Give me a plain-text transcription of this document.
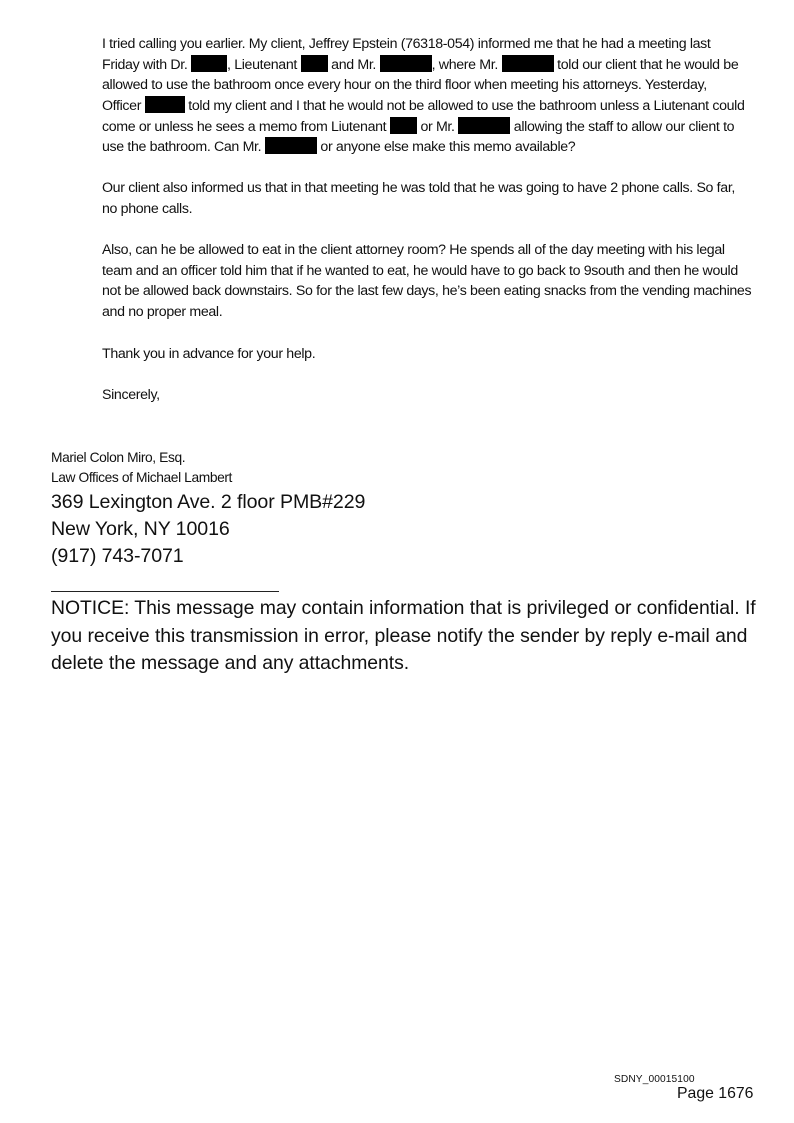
I tried calling you earlier. My client, Jeffrey Epstein (76318-054) informed me that he had a meeting last
Friday with Dr.	, Lieutenant  and Mr.	, where Mr.	told our client that he would be
allowed to use the bathroom once every hour on the third floor when meeting his attorneys. Yesterday,
Officer	told my client and I that he would not be allowed to use the bathroom unless a Liutenant could
come or unless he sees a memo from Liutenant  or Mr.	allowing the staff to allow our client to
use the bathroom. Can Mr.	or anyone else make this memo available?
Our client also informed us that in that meeting he was told that he was going to have 2 phone calls. So far,
no phone calls.
Also, can he be allowed to eat in the client attorney room? He spends all of the day meeting with his legal
team and an officer told him that if he wanted to eat, he would have to go back to 9south and then he would
not be allowed back downstairs. So for the last few days, he’s been eating snacks from the vending machines
and no proper meal.
Thank you in advance for your help.
Sincerely,
Mariel Colon Miro, Esq.
Law Offices of Michael Lambert
369 Lexington Ave. 2 floor PMB#229
New York, NY 10016
(917) 743-7071
NOTICE: This message may contain information that is privileged or confidential. If
you receive this transmission in error, please notify the sender by reply e-mail and
delete the message and any attachments.
SDNY_00015100
Page 1676
